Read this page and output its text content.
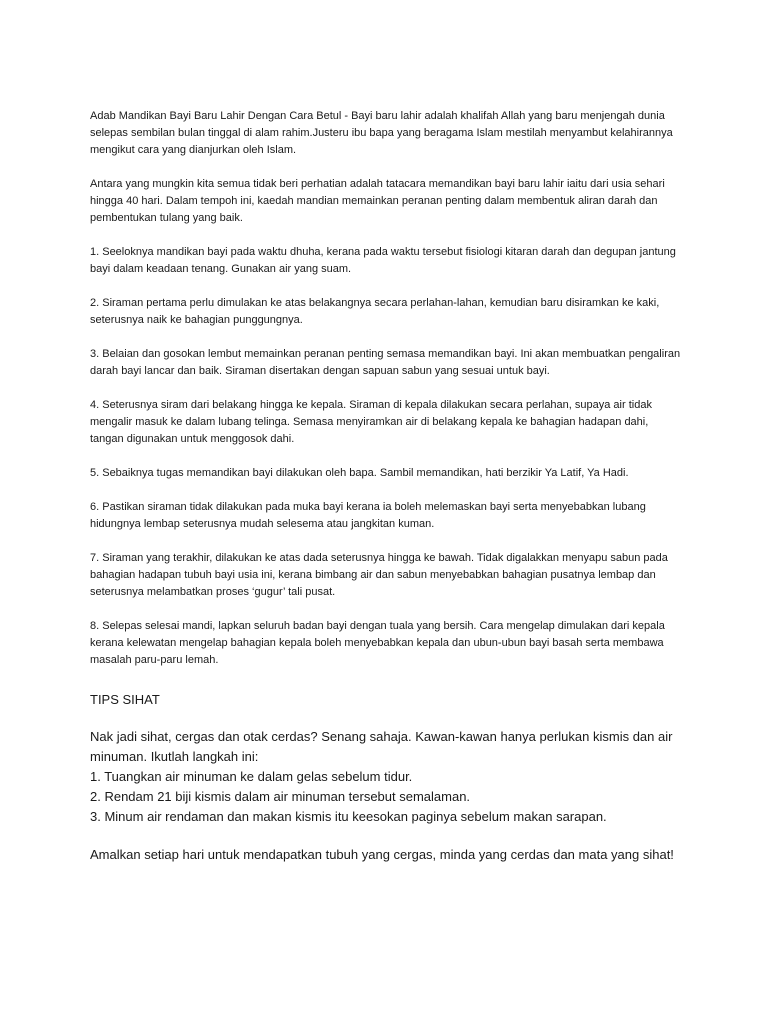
Adab Mandikan Bayi Baru Lahir Dengan Cara Betul - Bayi baru lahir adalah khalifah Allah yang baru menjengah dunia selepas sembilan bulan tinggal di alam rahim.Justeru ibu bapa yang beragama Islam mestilah menyambut kelahirannya mengikut cara yang dianjurkan oleh Islam.

Antara yang mungkin kita semua tidak beri perhatian adalah tatacara memandikan bayi baru lahir iaitu dari usia sehari hingga 40 hari. Dalam tempoh ini, kaedah mandian memainkan peranan penting dalam membentuk aliran darah dan pembentukan tulang yang baik.

1. Seeloknya mandikan bayi pada waktu dhuha, kerana pada waktu tersebut fisiologi kitaran darah dan degupan jantung bayi dalam keadaan tenang. Gunakan air yang suam.

2. Siraman pertama perlu dimulakan ke atas belakangnya secara perlahan-lahan, kemudian baru disiramkan ke kaki, seterusnya naik ke bahagian punggungnya.

3. Belaian dan gosokan lembut memainkan peranan penting semasa memandikan bayi. Ini akan membuatkan pengaliran darah bayi lancar dan baik. Siraman disertakan dengan sapuan sabun yang sesuai untuk bayi.

4. Seterusnya siram dari belakang hingga ke kepala. Siraman di kepala dilakukan secara perlahan, supaya air tidak mengalir masuk ke dalam lubang telinga. Semasa menyiramkan air di belakang kepala ke bahagian hadapan dahi, tangan digunakan untuk menggosok dahi.

5. Sebaiknya tugas memandikan bayi dilakukan oleh bapa. Sambil memandikan, hati berzikir Ya Latif, Ya Hadi.

6. Pastikan siraman tidak dilakukan pada muka bayi kerana ia boleh melemaskan bayi serta menyebabkan lubang hidungnya lembap seterusnya mudah selesema atau jangkitan kuman.

7. Siraman yang terakhir, dilakukan ke atas dada seterusnya hingga ke bawah. Tidak digalakkan menyapu sabun pada bahagian hadapan tubuh bayi usia ini, kerana bimbang air dan sabun menyebabkan bahagian pusatnya lembap dan seterusnya melambatkan proses ‘gugur’ tali pusat.

8. Selepas selesai mandi, lapkan seluruh badan bayi dengan tuala yang bersih. Cara mengelap dimulakan dari kepala kerana kelewatan mengelap bahagian kepala boleh menyebabkan kepala dan ubun-ubun bayi basah serta membawa masalah paru-paru lemah.

TIPS SIHAT
Nak jadi sihat, cergas dan otak cerdas? Senang sahaja. Kawan-kawan hanya perlukan kismis dan air minuman. Ikutlah langkah ini:
1. Tuangkan air minuman ke dalam gelas sebelum tidur.
2. Rendam 21 biji kismis dalam air minuman tersebut semalaman.
3. Minum air rendaman dan makan kismis itu keesokan paginya sebelum makan sarapan.
Amalkan setiap hari untuk mendapatkan tubuh yang cergas, minda yang cerdas dan mata yang sihat!
